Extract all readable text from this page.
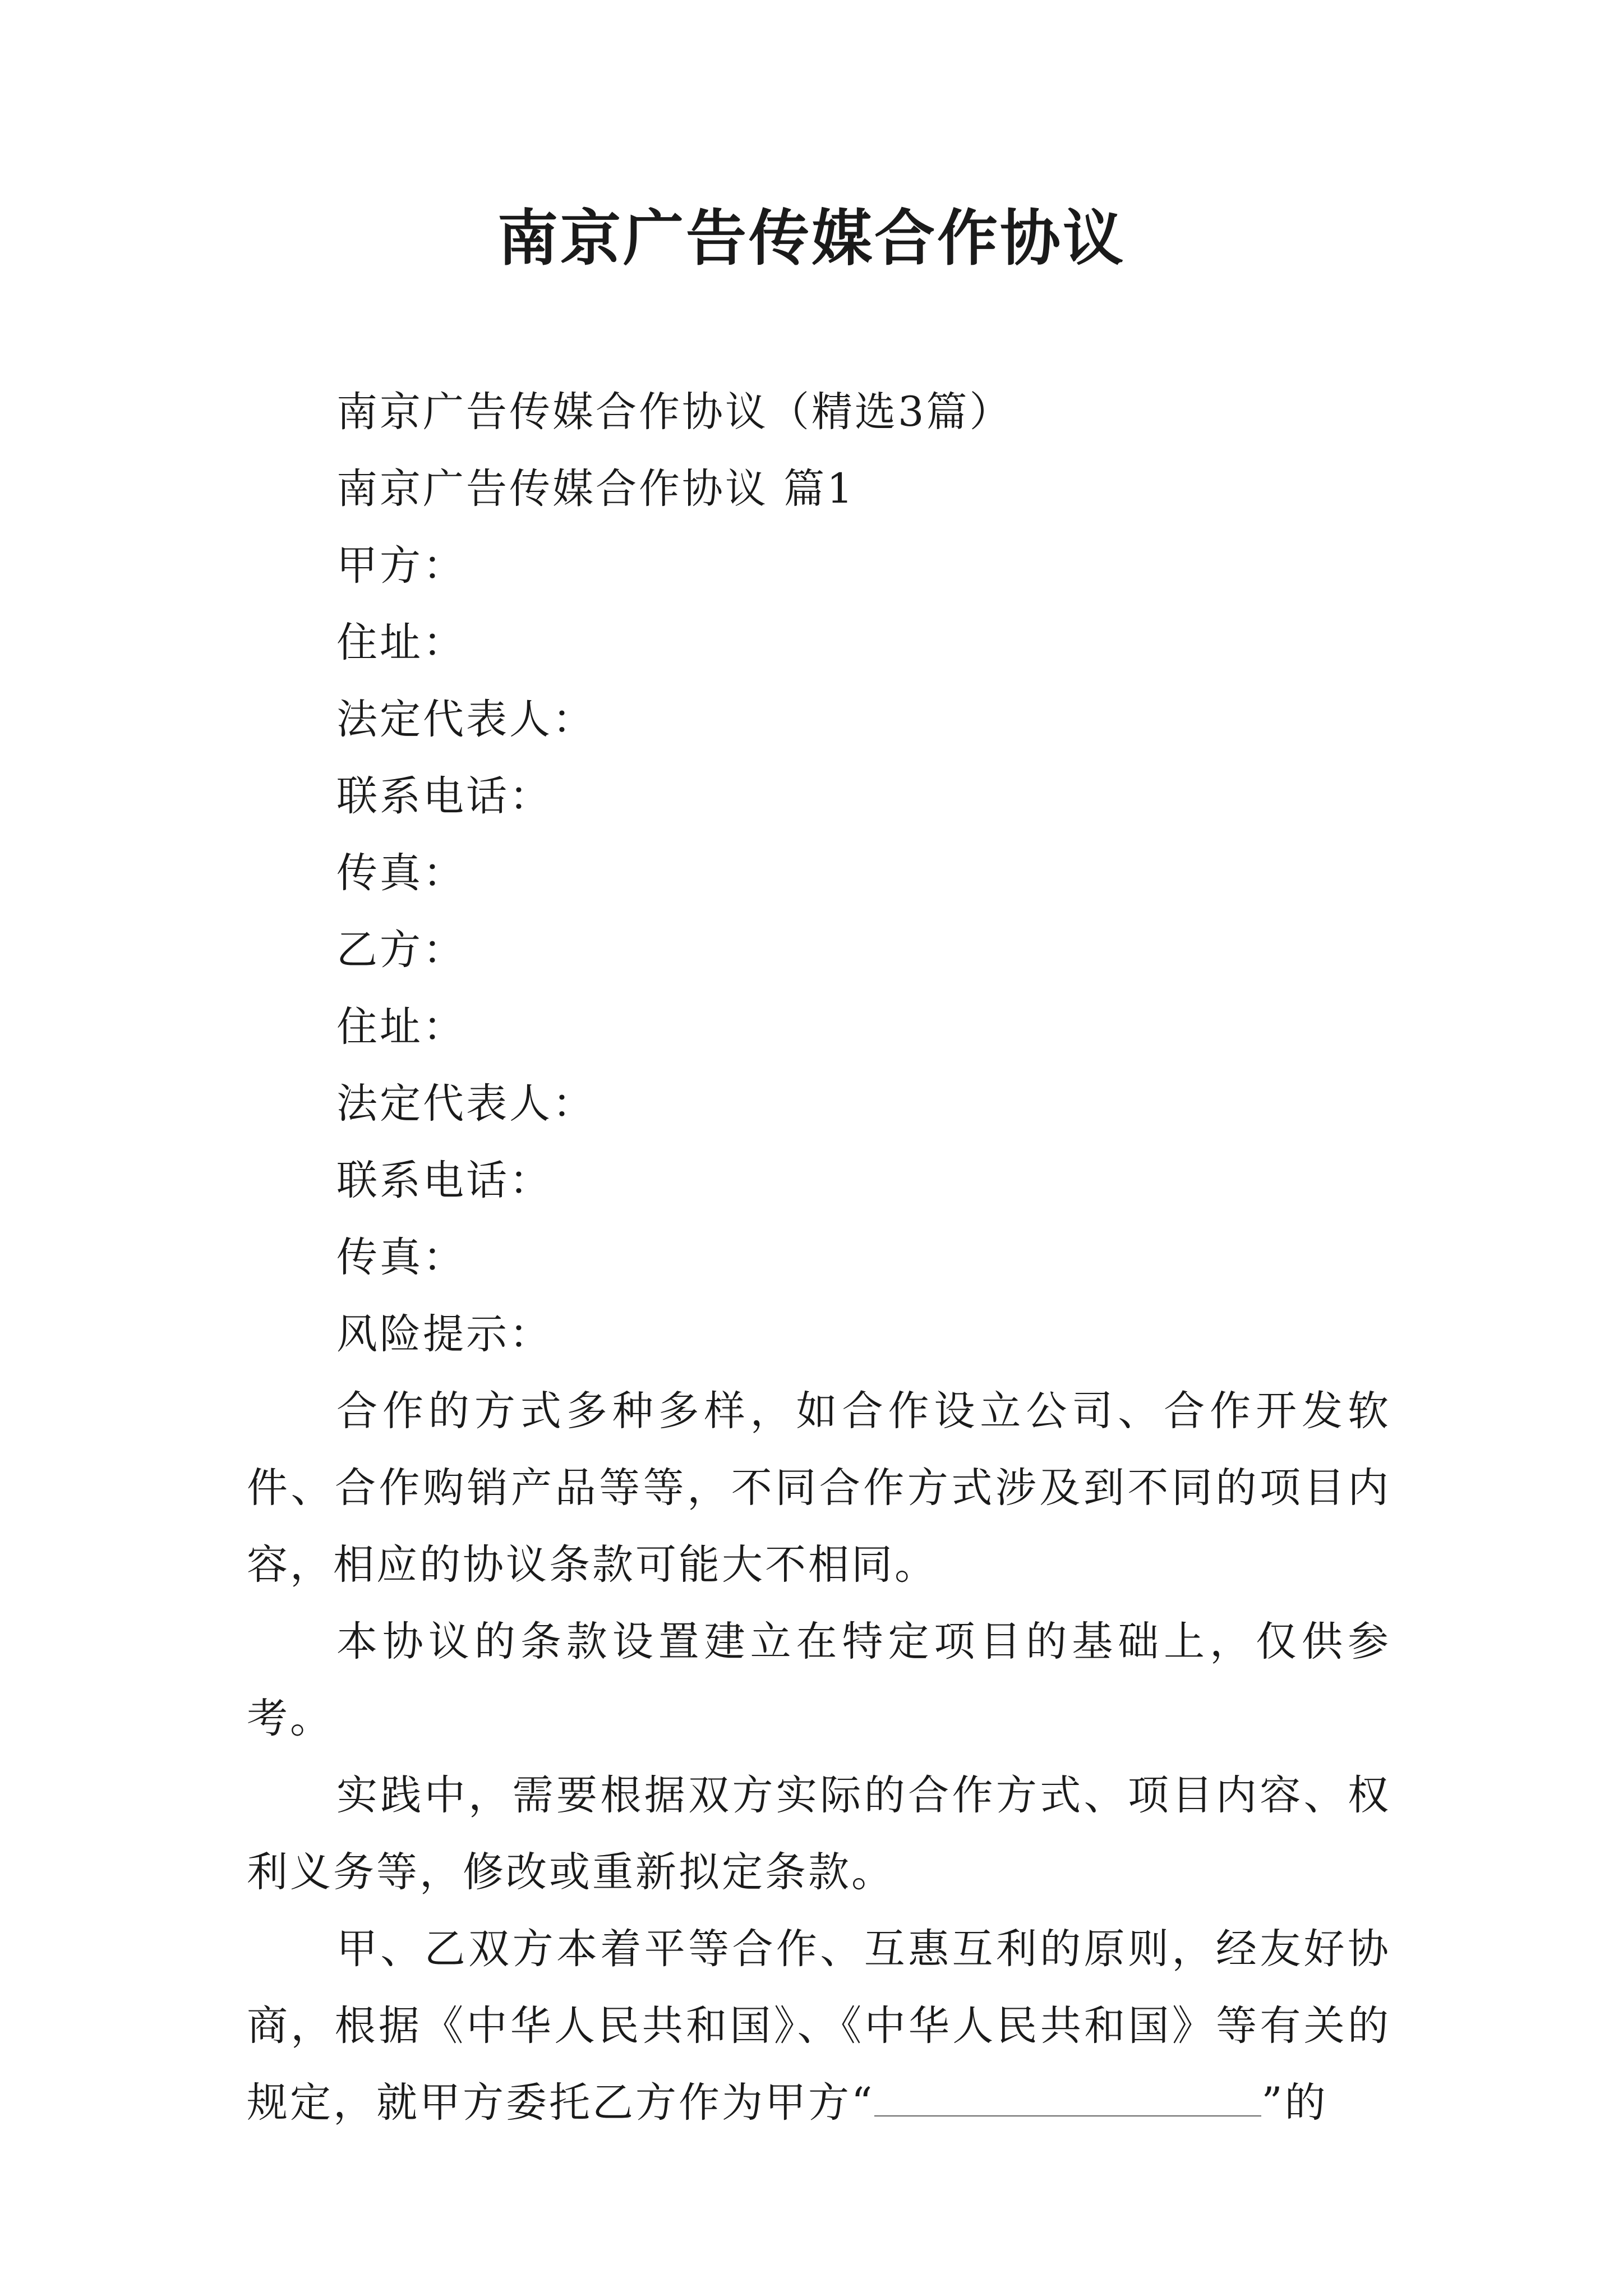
南京广告传媒合作协议

南京广告传媒合作协议（精选3篇）

南京广告传媒合作协议 篇1

甲方：

住址：

法定代表人：

联系电话：

传真：

乙方：

住址：

法定代表人：

联系电话：

传真：

风险提示：

合作的方式多种多样，如合作设立公司、合作开发软件、合作购销产品等等，不同合作方式涉及到不同的项目内容，相应的协议条款可能大不相同。

本协议的条款设置建立在特定项目的基础上，仅供参考。

实践中，需要根据双方实际的合作方式、项目内容、权利义务等，修改或重新拟定条款。

甲、乙双方本着平等合作、互惠互利的原则，经友好协商，根据《中华人民共和国》、《中华人民共和国》等有关的规定，就甲方委托乙方作为甲方“	”的
